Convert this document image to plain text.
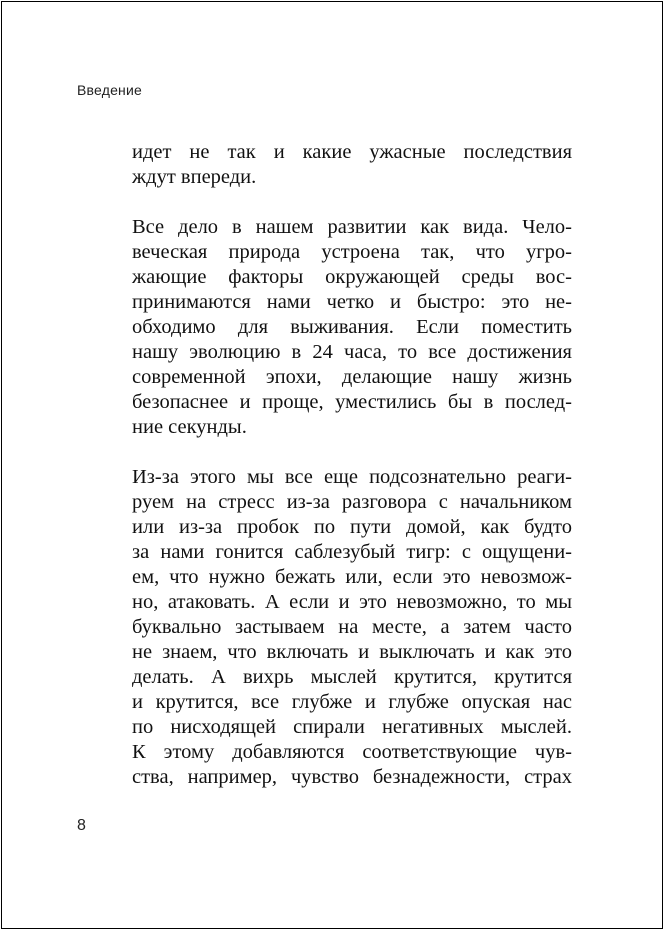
Введение
идет не так и какие ужасные последствия
ждут впереди.
Все дело в нашем развитии как вида. Чело-
веческая природа устроена так, что угро-
жающие факторы окружающей среды вос-
принимаются нами четко и быстро: это не-
обходимо для выживания. Если поместить
нашу эволюцию в 24 часа, то все достижения
современной эпохи, делающие нашу жизнь
безопаснее и проще, уместились бы в послед-
ние секунды.
Из-за этого мы все еще подсознательно реаги-
руем на стресс из-за разговора с начальником
или из-за пробок по пути домой, как будто
за нами гонится саблезубый тигр: с ощущени-
ем, что нужно бежать или, если это невозмож-
но, атаковать. А если и это невозможно, то мы
буквально застываем на месте, а затем часто
не знаем, что включать и выключать и как это
делать. А вихрь мыслей крутится, крутится
и крутится, все глубже и глубже опуская нас
по нисходящей спирали негативных мыслей.
К этому добавляются соответствующие чув-
ства, например, чувство безнадежности, страх
8
